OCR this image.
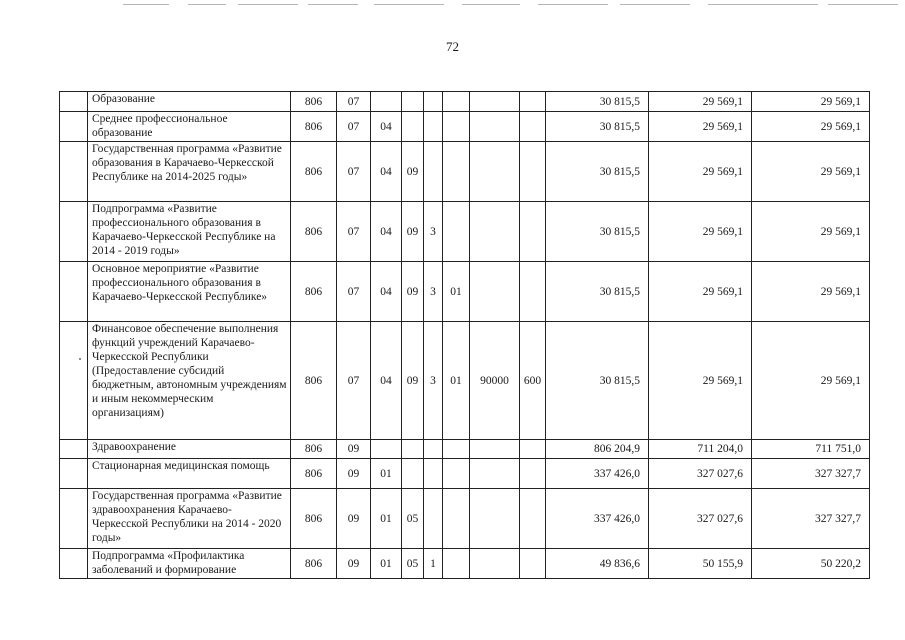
72
	Образование	806	07							30 815,5	29 569,1	29 569,1
	Среднее профессиональное образование	806	07	04						30 815,5	29 569,1	29 569,1
	Государственная программа «Развитие образования в Карачаево-Черкесской Республике на 2014-2025 годы»	806	07	04	09					30 815,5	29 569,1	29 569,1
	Подпрограмма «Развитие профессионального образования в Карачаево-Черкесской Республике на 2014 - 2019 годы»	806	07	04	09	3				30 815,5	29 569,1	29 569,1
	Основное мероприятие «Развитие профессионального образования в Карачаево-Черкесской Республике»	806	07	04	09	3	01			30 815,5	29 569,1	29 569,1
	Финансовое обеспечение выполнения функций учреждений Карачаево-Черкесской Республики (Предоставление субсидий бюджетным, автономным учреждениям и иным некоммерческим организациям)	806	07	04	09	3	01	90000	600	30 815,5	29 569,1	29 569,1
	Здравоохранение	806	09							806 204,9	711 204,0	711 751,0
	Стационарная медицинская помощь	806	09	01						337 426,0	327 027,6	327 327,7
	Государственная программа «Развитие здравоохранения Карачаево-Черкесской Республики на 2014 - 2020 годы»	806	09	01	05					337 426,0	327 027,6	327 327,7
	Подпрограмма «Профилактика заболеваний и формирование	806	09	01	05	1				49 836,6	50 155,9	50 220,2
